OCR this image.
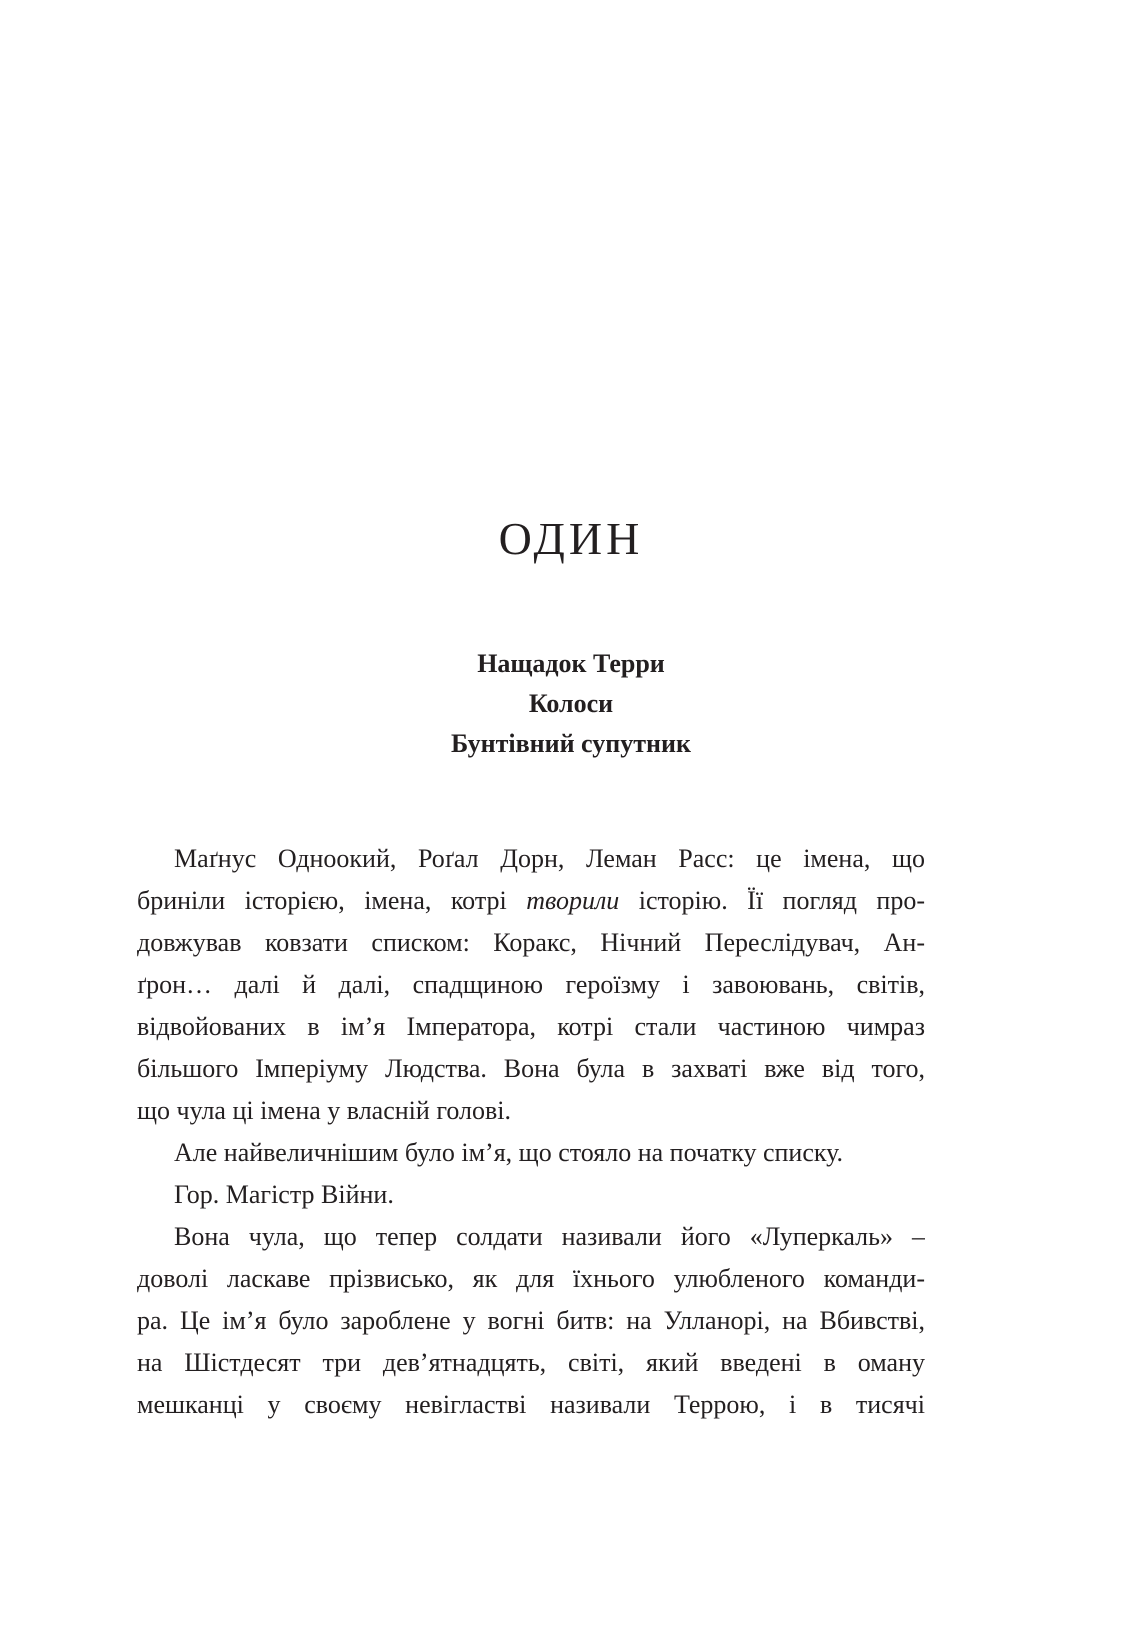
ОДИН
Нащадок Терри
Колоси
Бунтівний супутник
Маґнус Одноокий, Роґал Дорн, Леман Расс: це імена, що
бриніли історією, імена, котрі творили історію. Її погляд про-
довжував ковзати списком: Коракс, Нічний Переслідувач, Ан-
ґрон… далі й далі, спадщиною героїзму і завоювань, світів,
відвойованих в ім’я Імператора, котрі стали частиною чимраз
більшого Імперіуму Людства. Вона була в захваті вже від того,
що чула ці імена у власній голові.
Але найвеличнішим було ім’я, що стояло на початку списку.
Гор. Магістр Війни.
Вона чула, що тепер солдати називали його «Луперкаль» –
доволі ласкаве прізвисько, як для їхнього улюбленого команди-
ра. Це ім’я було зароблене у вогні битв: на Улланорі, на Вбивстві,
на Шістдесят три дев’ятнадцять, світі, який введені в оману
мешканці у своєму невігластві називали Террою, і в тисячі
